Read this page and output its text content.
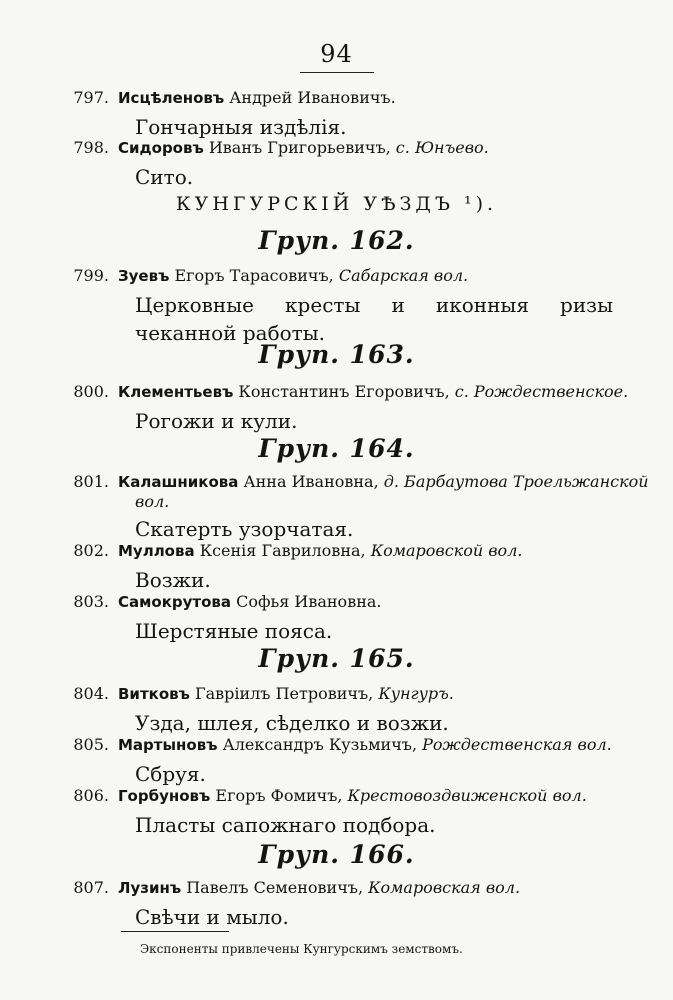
94
797. Исцѣленовъ Андрей Ивановичъ.
Гончарныя издѣлія.
798. Сидоровъ Иванъ Григорьевичъ, с. Юнъево.
Сито.
КУНГУРСКІЙ УѢЗДЪ ¹).
Груп. 162.
799. Зуевъ Егоръ Тарасовичъ, Сабарская вол.
Церковные кресты и иконныя ризы чеканной работы.
Груп. 163.
800. Клементьевъ Константинъ Егоровичъ, с. Рождественское.
Рогожи и кули.
Груп. 164.
801. Калашникова Анна Ивановна, д. Барбаутова Троельжанской
вол.
Скатерть узорчатая.
802. Муллова Ксенія Гавриловна, Комаровской вол.
Возжи.
803. Самокрутова Софья Ивановна.
Шерстяные пояса.
Груп. 165.
804. Витковъ Гавріилъ Петровичъ, Кунгуръ.
Узда, шлея, сѣделко и возжи.
805. Мартыновъ Александръ Кузьмичъ, Рождественская вол.
Сбруя.
806. Горбуновъ Егоръ Фомичъ, Крестовоздвиженской вол.
Пласты сапожнаго подбора.
Груп. 166.
807. Лузинъ Павелъ Семеновичъ, Комаровская вол.
Свѣчи и мыло.
Экспоненты привлечены Кунгурскимъ земствомъ.
